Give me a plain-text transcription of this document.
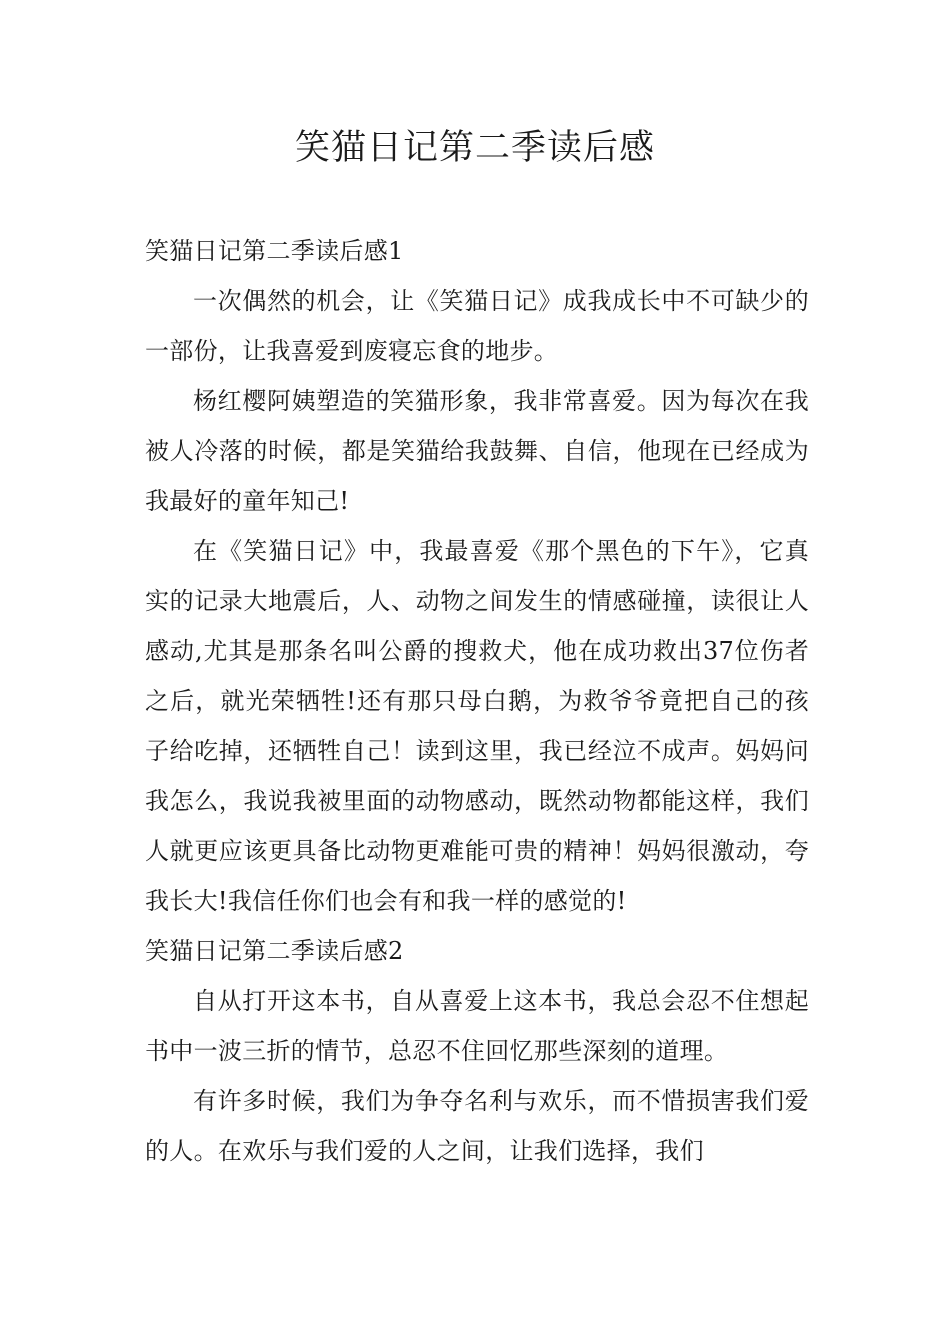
笑猫日记第二季读后感
笑猫日记第二季读后感1

一次偶然的机会，让《笑猫日记》成我成长中不可缺少的一部份，让我喜爱到废寝忘食的地步。

杨红樱阿姨塑造的笑猫形象，我非常喜爱。因为每次在我被人冷落的时候，都是笑猫给我鼓舞、自信，他现在已经成为我最好的童年知己!

在《笑猫日记》中，我最喜爱《那个黑色的下午》，它真实的记录大地震后，人、动物之间发生的情感碰撞，读很让人感动,尤其是那条名叫公爵的搜救犬，他在成功救出37位伤者之后，就光荣牺牲!还有那只母白鹅，为救爷爷竟把自己的孩子给吃掉，还牺牲自己！读到这里，我已经泣不成声。妈妈问我怎么，我说我被里面的动物感动，既然动物都能这样，我们人就更应该更具备比动物更难能可贵的精神！妈妈很激动，夸我长大!我信任你们也会有和我一样的感觉的!

笑猫日记第二季读后感2

自从打开这本书，自从喜爱上这本书，我总会忍不住想起书中一波三折的情节，总忍不住回忆那些深刻的道理。

有许多时候，我们为争夺名利与欢乐，而不惜损害我们爱的人。在欢乐与我们爱的人之间，让我们选择，我们
